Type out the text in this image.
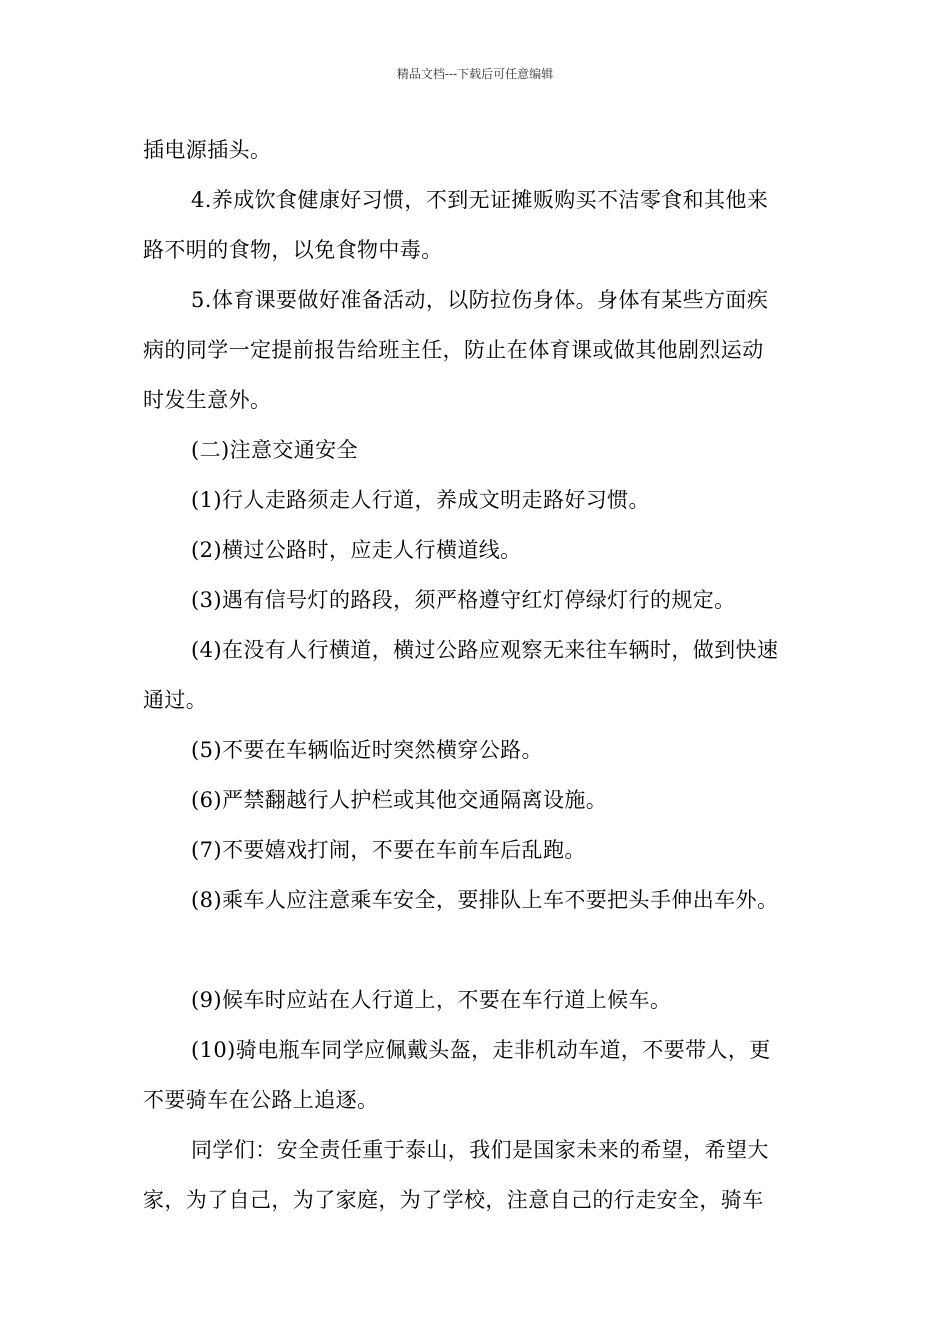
精品文档---下载后可任意编辑

插电源插头。

4.养成饮食健康好习惯，不到无证摊贩购买不洁零食和其他来

路不明的食物，以免食物中毒。

5.体育课要做好准备活动，以防拉伤身体。身体有某些方面疾

病的同学一定提前报告给班主任，防止在体育课或做其他剧烈运动

时发生意外。

(二)注意交通安全

(1)行人走路须走人行道，养成文明走路好习惯。

(2)横过公路时，应走人行横道线。

(3)遇有信号灯的路段，须严格遵守红灯停绿灯行的规定。

(4)在没有人行横道，横过公路应观察无来往车辆时，做到快速

通过。

(5)不要在车辆临近时突然横穿公路。

(6)严禁翻越行人护栏或其他交通隔离设施。

(7)不要嬉戏打闹，不要在车前车后乱跑。

(8)乘车人应注意乘车安全，要排队上车不要把头手伸出车外。

(9)候车时应站在人行道上，不要在车行道上候车。

(10)骑电瓶车同学应佩戴头盔，走非机动车道，不要带人，更

不要骑车在公路上追逐。

同学们：安全责任重于泰山，我们是国家未来的希望，希望大

家，为了自己，为了家庭，为了学校，注意自己的行走安全，骑车
